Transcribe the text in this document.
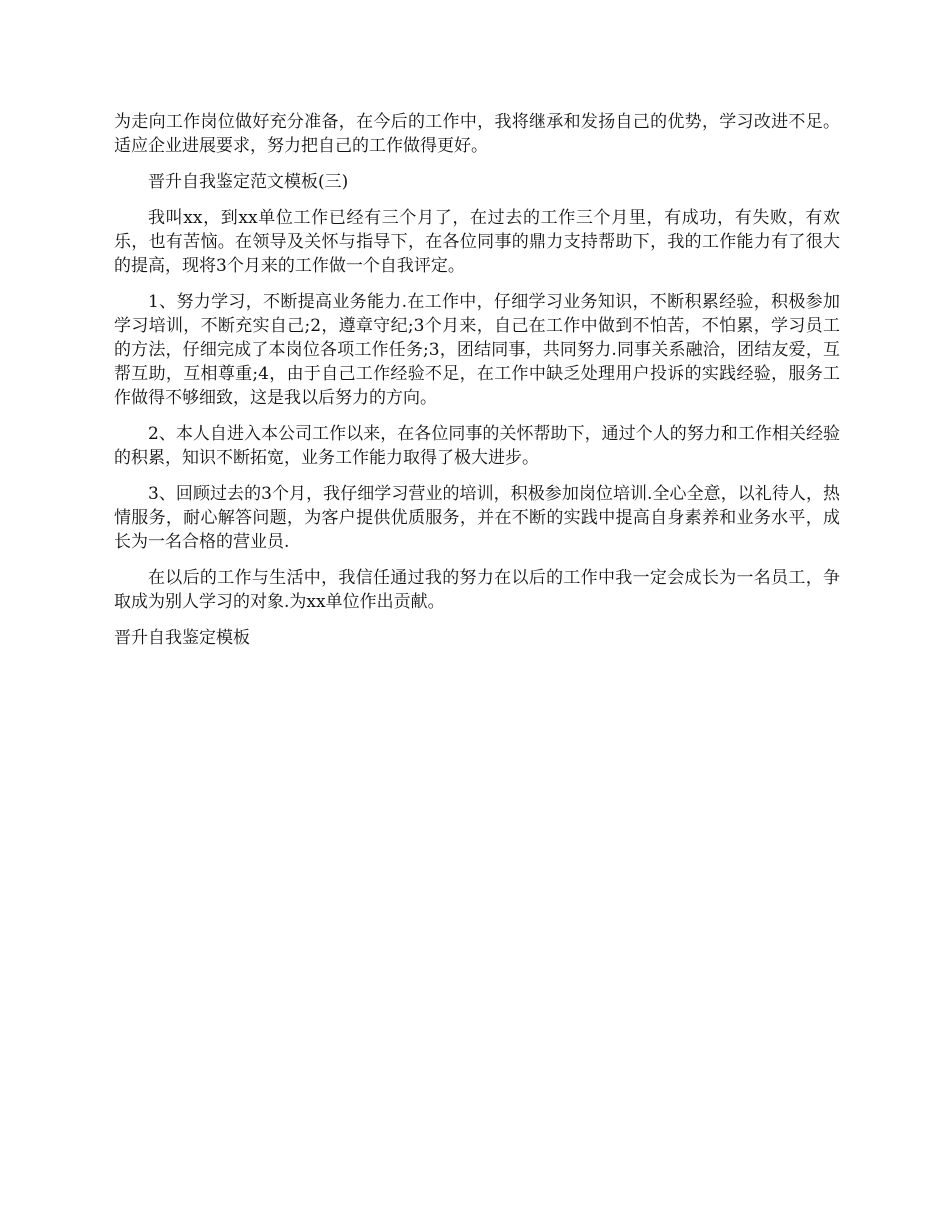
为走向工作岗位做好充分准备，在今后的工作中，我将继承和发扬自己的优势，学习改进不足。适应企业进展要求，努力把自己的工作做得更好。

晋升自我鉴定范文模板(三)

我叫xx，到xx单位工作已经有三个月了，在过去的工作三个月里，有成功，有失败，有欢乐，也有苦恼。在领导及关怀与指导下，在各位同事的鼎力支持帮助下，我的工作能力有了很大的提高，现将3个月来的工作做一个自我评定。

1、努力学习，不断提高业务能力.在工作中，仔细学习业务知识，不断积累经验，积极参加学习培训，不断充实自己;2，遵章守纪;3个月来，自己在工作中做到不怕苦，不怕累，学习员工的方法，仔细完成了本岗位各项工作任务;3，团结同事，共同努力.同事关系融洽，团结友爱，互帮互助，互相尊重;4，由于自己工作经验不足，在工作中缺乏处理用户投诉的实践经验，服务工作做得不够细致，这是我以后努力的方向。

2、本人自进入本公司工作以来，在各位同事的关怀帮助下，通过个人的努力和工作相关经验的积累，知识不断拓宽，业务工作能力取得了极大进步。

3、回顾过去的3个月，我仔细学习营业的培训，积极参加岗位培训.全心全意，以礼待人，热情服务，耐心解答问题，为客户提供优质服务，并在不断的实践中提高自身素养和业务水平，成长为一名合格的营业员.

在以后的工作与生活中，我信任通过我的努力在以后的工作中我一定会成长为一名员工，争取成为别人学习的对象.为xx单位作出贡献。

晋升自我鉴定模板
